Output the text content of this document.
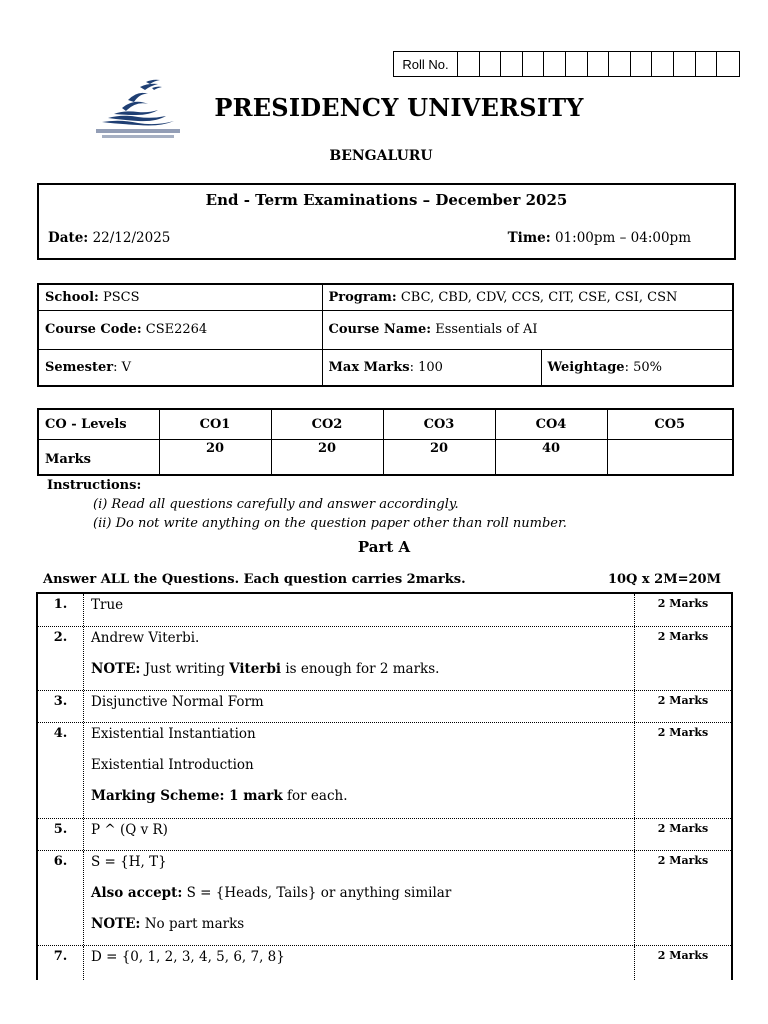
Roll No.
PRESIDENCY UNIVERSITY
BENGALURU
End - Term Examinations – December 2025
Date: 22/12/2025	Time: 01:00pm – 04:00pm
School: PSCS	Program: CBC, CBD, CDV, CCS, CIT, CSE, CSI, CSN	
Course Code: CSE2264	Course Name: Essentials of AI	
Semester: V	Max Marks: 100	Weightage: 50%
CO - Levels	CO1	CO2	CO3	CO4	CO5
Marks	20	20	20	40	
Instructions:
(i) Read all questions carefully and answer accordingly.
(ii) Do not write anything on the question paper other than roll number.
Part A
Answer ALL the Questions. Each question carries 2marks.	10Q x 2M=20M
1.	True	2 Marks
2.	Andrew Viterbi.

NOTE: Just writing Viterbi is enough for 2 marks.

2 Marks
3.	Disjunctive Normal Form	2 Marks
4.	Existential Instantiation

Existential Introduction

Marking Scheme: 1 mark for each.

2 Marks
5.	P ^ (Q v R)	2 Marks
6.	S = {H, T}

Also accept: S = {Heads, Tails} or anything similar

NOTE: No part marks

2 Marks
7.	D = {0, 1, 2, 3, 4, 5, 6, 7, 8}	2 Marks
